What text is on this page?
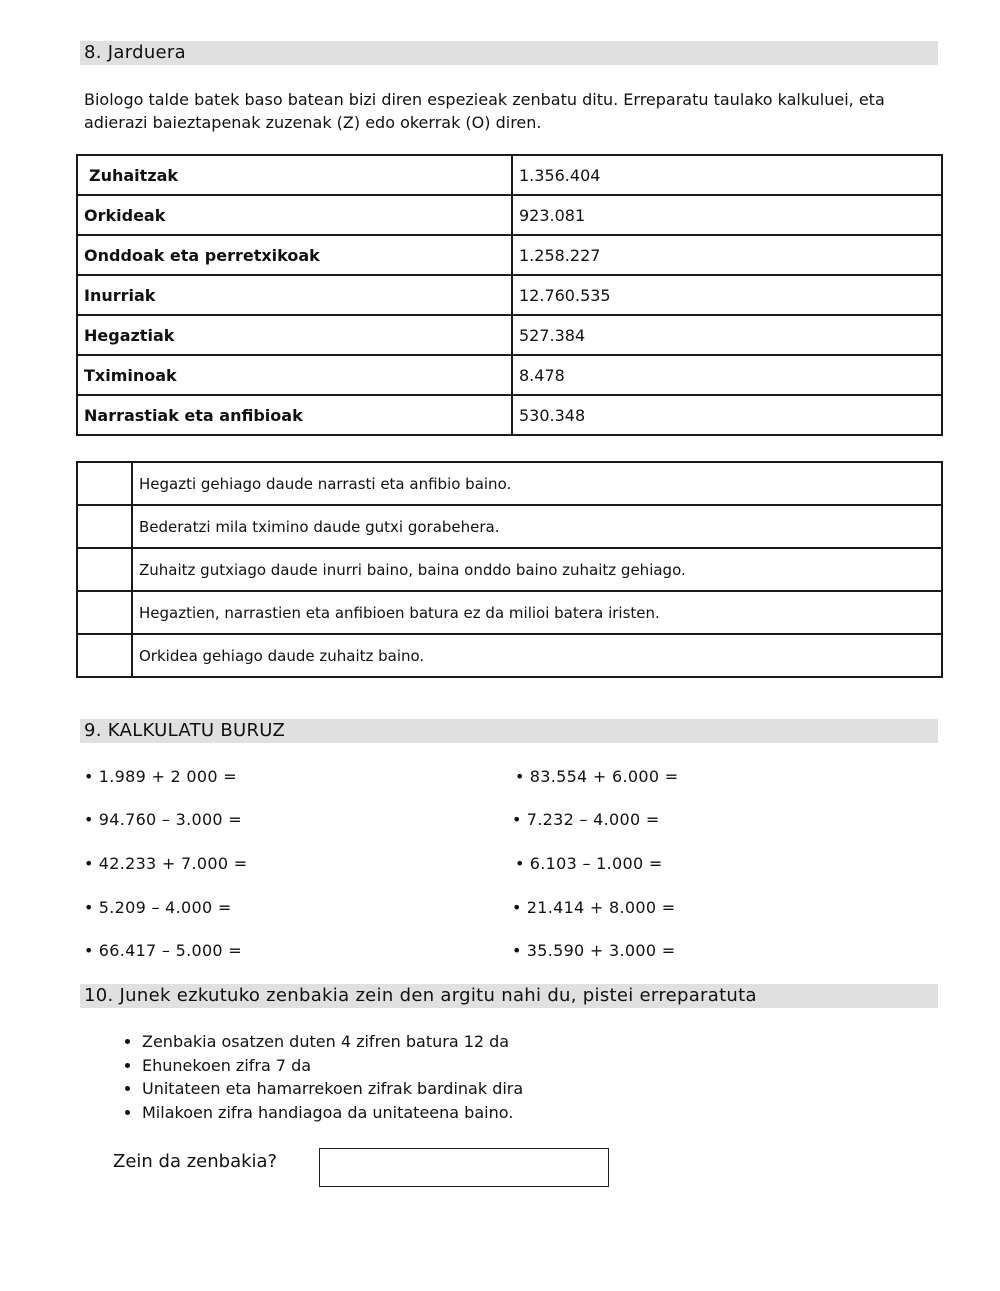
8. Jarduera
Biologo talde batek baso batean bizi diren espezieak zenbatu ditu. Erreparatu taulako kalkuluei, eta adierazi baieztapenak zuzenak (Z) edo okerrak (O) diren.
Zuhaitzak	1.356.404
Orkideak	923.081
Onddoak eta perretxikoak	1.258.227
Inurriak	12.760.535
Hegaztiak	527.384
Tximinoak	8.478
Narrastiak eta anfibioak	530.348
	Hegazti gehiago daude narrasti eta anfibio baino.
	Bederatzi mila tximino daude gutxi gorabehera.
	Zuhaitz gutxiago daude inurri baino, baina onddo baino zuhaitz gehiago.
	Hegaztien, narrastien eta anfibioen batura ez da milioi batera iristen.
	Orkidea gehiago daude zuhaitz baino.
9. KALKULATU BURUZ
• 1.989 + 2 000 =
• 94.760 – 3.000 =
• 42.233 + 7.000 =
• 5.209 – 4.000 =
• 66.417 – 5.000 =
• 83.554 + 6.000 =
• 7.232 – 4.000 =
• 6.103 – 1.000 =
• 21.414 + 8.000 =
• 35.590 + 3.000 =
10. Junek ezkutuko zenbakia zein den argitu nahi du, pistei erreparatuta
• Zenbakia osatzen duten 4 zifren batura 12 da
• Ehunekoen zifra 7 da
• Unitateen eta hamarrekoen zifrak bardinak dira
• Milakoen zifra handiagoa da unitateena baino.
Zein da zenbakia?
